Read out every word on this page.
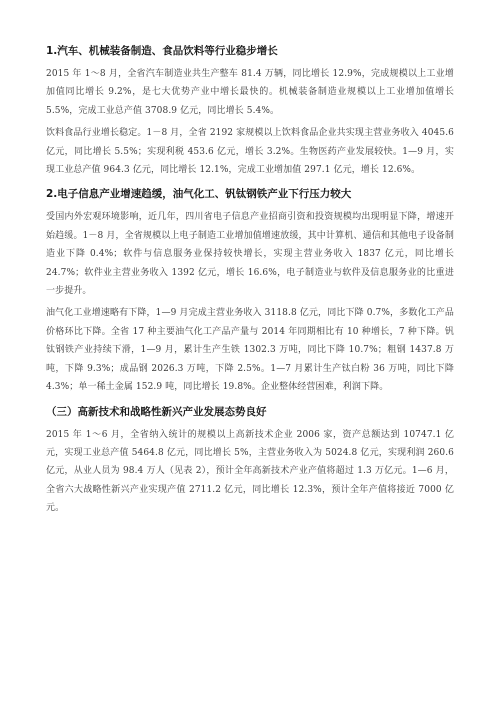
1.汽车、机械装备制造、食品饮料等行业稳步增长

2015 年 1～8 月，全省汽车制造业共生产整车 81.4 万辆，同比增长 12.9%，完成规模以上工业增加值同比增长 9.2%，是七大优势产业中增长最快的。机械装备制造业规模以上工业增加值增长 5.5%，完成工业总产值 3708.9 亿元，同比增长 5.4%。

饮料食品行业增长稳定。1－8 月，全省 2192 家规模以上饮料食品企业共实现主营业务收入 4045.6 亿元，同比增长 5.5%；实现利税 453.6 亿元，增长 3.2%。生物医药产业发展较快。1—9 月，实现工业总产值 964.3 亿元，同比增长 12.1%，完成工业增加值 297.1 亿元，增长 12.6%。

2.电子信息产业增速趋缓，油气化工、钒钛钢铁产业下行压力较大

受国内外宏观环境影响，近几年，四川省电子信息产业招商引资和投资规模均出现明显下降，增速开始趋缓。1－8 月，全省规模以上电子制造工业增加值增速放缓，其中计算机、通信和其他电子设备制造业下降 0.4%；软件与信息服务业保持较快增长，实现主营业务收入 1837 亿元，同比增长 24.7%；软件业主营业务收入 1392 亿元，增长 16.6%，电子制造业与软件及信息服务业的比重进一步提升。

油气化工业增速略有下降，1—9 月完成主营业务收入 3118.8 亿元，同比下降 0.7%，多数化工产品价格环比下降。全省 17 种主要油气化工产品产量与 2014 年同期相比有 10 种增长，7 种下降。钒钛钢铁产业持续下滑，1—9 月，累计生产生铁 1302.3 万吨，同比下降 10.7%；粗钢 1437.8 万吨，下降 9.3%；成品钢 2026.3 万吨，下降 2.5%。1—7 月累计生产钛白粉 36 万吨，同比下降 4.3%；单一稀土金属 152.9 吨，同比增长 19.8%。企业整体经营困难，利润下降。

（三）高新技术和战略性新兴产业发展态势良好

2015 年 1～6 月，全省纳入统计的规模以上高新技术企业 2006 家，资产总额达到 10747.1 亿元，实现工业总产值 5464.8 亿元，同比增长 5%，主营业务收入为 5024.8 亿元，实现利润 260.6 亿元，从业人员为 98.4 万人（见表 2），预计全年高新技术产业产值将超过 1.3 万亿元。1—6 月，全省六大战略性新兴产业实现产值 2711.2 亿元，同比增长 12.3%，预计全年产值将接近 7000 亿元。
